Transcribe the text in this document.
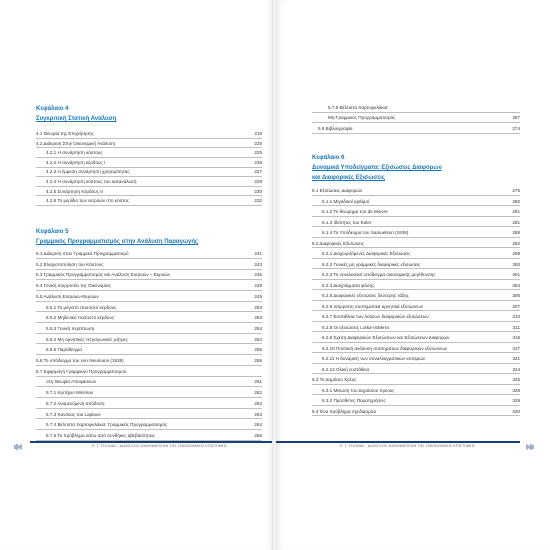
Κεφάλαιο 4
Συγκριτική Στατική Ανάλυση
4.1 Θεωρία της Επιχείρησης	219
4.2 Διάκριση Στην Οικονομική Ανάλυση	225
4.2.1 Η συνάρτηση κόστους	225
4.2.2 Η συνάρτηση κέρδους Ι	226
4.2.3 Η έμμεση συνάρτηση χρησιμότητας	227
4.2.4 Η συνάρτηση κόστους του καταναλωτή	228
4.2.5 Συνάρτηση Κέρδους ΙΙ	230
4.2.6 Το μερίδιο των εισροών στο κόστος	232
Κεφάλαιο 5
Γραμμικός Προγραμματισμός στην Ανάλυση Παραγωγής
5.1 Διάκριση στον Γραμμικό Προγραμματισμό	241
5.2 Ελαχιστοποίηση του Κόστους	243
5.3 Γραμμικός Προγραμματισμός και Ανάλυση Εισροών – Εκροών	245
5.4 Γενική Ισορροπία της Οικονομίας	248
5.5 Ανάλυση Εισροών-Εκροών	249
5.5.1 Το μέγιστο ποσοστό κέρδους	253
5.5.2 Μηδενικό ποσοστό κέρδους	253
5.5.3 Γενική περίπτωση	254
5.5.4 Μη αρνητικές τετραγωνικές μήτρες	254
5.5.5 Παράδειγμα	255
5.6 Το υπόδειγμα του von Neumann (1936)	256
5.7 Εφαρμογή Γραμμικού Προγραμματισμού
στη Θεωρία Αποφάσεων	261
5.7.1 Κριτήριο Minimax	262
5.7.2 Αναμενόμενη απόδοση	262
5.7.3 Κανόνας του Laplace	263
5.7.4 Βέλτιστα Χαρτοφυλάκια: Γραμμικός Προγραμματισμός	264
5.7.5 Το πρόβλημα κάτω από συνθήκες αβεβαιότητας	266
Ε. Γ. ΤΣΙΟΝΑΣ - ΔΙΑΛΕΞΕΙΣ ΜΑΘΗΜΑΤΙΚΩΝ ΤΗΣ ΟΙΚΟΝΟΜΙΚΗΣ ΕΠΙΣΤΗΜΗΣ
5.7.6 Βέλτιστα Χαρτοφυλάκια:
Μη-Γραμμικός Προγραμματισμός	267
5.8 Βιβλιογραφία	274
Κεφάλαιο 6
Δυναμικά Υποδείγματα: Εξισώσεις Διαφορών
και Διαφορικές Εξισώσεις
6.1 Εξισώσεις Διαφορών	275
6.1.1 Μιγαδικοί αριθμοί	280
6.1.2 Το θεώρημα του de Moivre	281
6.1.3 Ιδιότητες του Euler	281
6.1.4 Το Υπόδειγμα του Samuelson (1939)	288
6.2 Διαφορικές Εξισώσεις	292
6.2.1 Διαχωριζόμενες Διαφορικές Εξισώσεις	299
6.2.2 Γενικές μη γραμμικές διαφορικές εξισώσεις	300
6.2.3 Το νεοκλασικό υπόδειγμα οικονομικής μεγέθυνσης	301
6.2.4 Διαγράμματα φάσης	304
6.2.5 Διαφορικές εξισώσεις δεύτερης τάξης	305
6.2.6 Ισόρροπη συστηματικά αρνητικά εξισώσεων	307
6.2.7 Ευστάθεια των λύσεων διαφορικών εξισώσεων	310
6.2.8 Οι εξισώσεις Lotka-Volterra	311
6.2.9 Σχέση Διαφορικών Εξισώσεων και Εξισώσεων Διαφορών	316
6.2.10 Ποιοτική ανάλυση συστημάτων διαφορικών εξισώσεων	317
6.2.11 Η δυναμική των συναλλαγματικών ισοτιμιών	321
6.2.12 Ολική ευστάθεια	324
6.3 Το Δημόσιο Χρέος	325
6.3.1 Μείωση του Δημόσιου Χρέους	328
6.3.2 Πρόσθετες Παρατηρήσεις	329
6.4 Ένα πρόβλημα σχεδιασμού	330
Ε. Γ. ΤΣΙΟΝΑΣ - ΔΙΑΛΕΞΕΙΣ ΜΑΘΗΜΑΤΙΚΩΝ ΤΗΣ ΟΙΚΟΝΟΜΙΚΗΣ ΕΠΙΣΤΗΜΗΣ
